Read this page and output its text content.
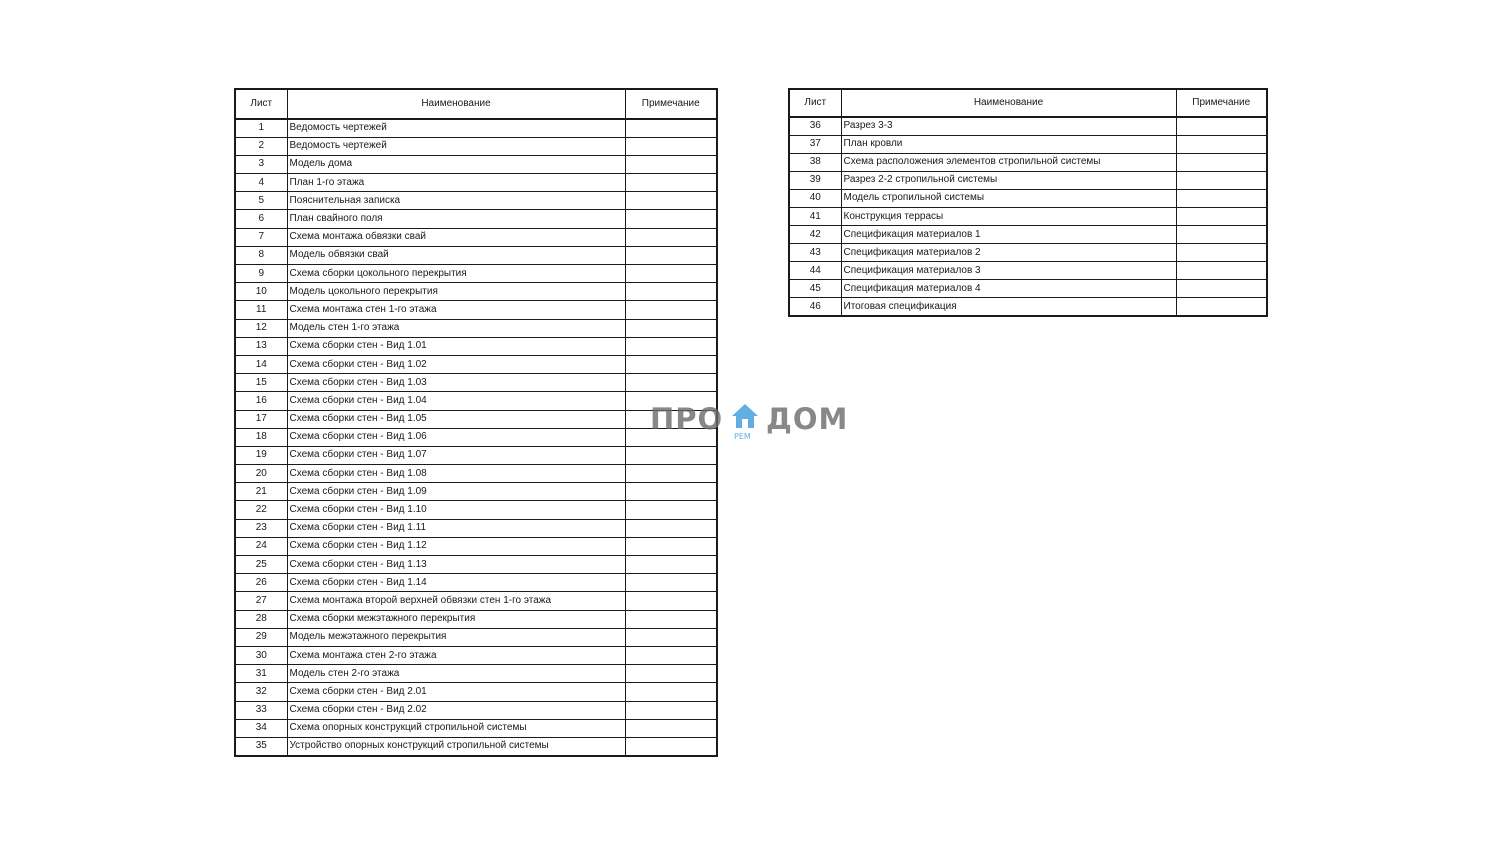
Лист	Наименование	Примечание
1	Ведомость чертежей	
2	Ведомость чертежей	
3	Модель дома	
4	План 1-го этажа	
5	Пояснительная записка	
6	План свайного поля	
7	Схема монтажа обвязки свай	
8	Модель обвязки свай	
9	Схема сборки цокольного перекрытия	
10	Модель цокольного перекрытия	
11	Схема монтажа стен 1-го этажа	
12	Модель стен 1-го этажа	
13	Схема сборки стен - Вид 1.01	
14	Схема сборки стен - Вид 1.02	
15	Схема сборки стен - Вид 1.03	
16	Схема сборки стен - Вид 1.04	
17	Схема сборки стен - Вид 1.05	
18	Схема сборки стен - Вид 1.06	
19	Схема сборки стен - Вид 1.07	
20	Схема сборки стен - Вид 1.08	
21	Схема сборки стен - Вид 1.09	
22	Схема сборки стен - Вид 1.10	
23	Схема сборки стен - Вид 1.11	
24	Схема сборки стен - Вид 1.12	
25	Схема сборки стен - Вид 1.13	
26	Схема сборки стен - Вид 1.14	
27	Схема монтажа второй верхней обвязки стен 1-го этажа	
28	Схема сборки межэтажного перекрытия	
29	Модель межэтажного перекрытия	
30	Схема монтажа стен 2-го этажа	
31	Модель стен 2-го этажа	
32	Схема сборки стен - Вид 2.01	
33	Схема сборки стен - Вид 2.02	
34	Схема опорных конструкций стропильной системы	
35	Устройство опорных конструкций стропильной системы	
Лист	Наименование	Примечание
36	Разрез 3-3	
37	План кровли	
38	Схема расположения элементов стропильной системы	
39	Разрез 2-2 стропильной системы	
40	Модель стропильной системы	
41	Конструкция террасы	
42	Спецификация материалов 1	
43	Спецификация материалов 2	
44	Спецификация материалов 3	
45	Спецификация материалов 4	
46	Итоговая спецификация	
ПРО
РЕМ
ДОМ
